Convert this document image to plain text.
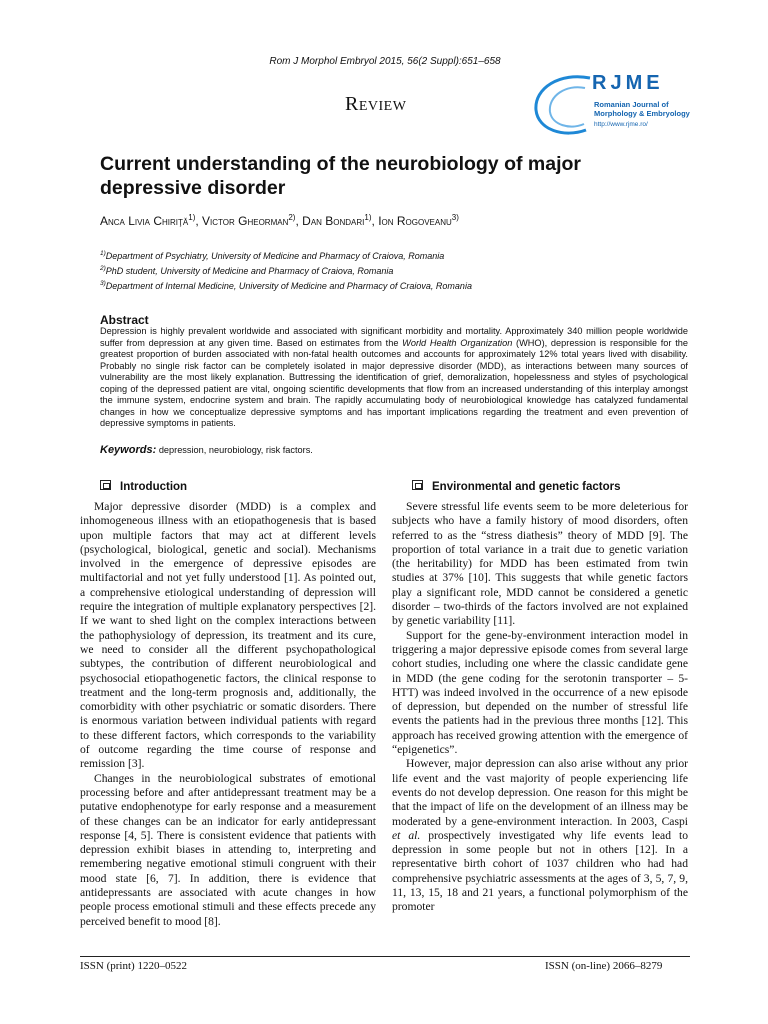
Rom J Morphol Embryol 2015, 56(2 Suppl):651–658
Review
RJME
Romanian Journal of
Morphology & Embryology
http://www.rjme.ro/
Current understanding of the neurobiology of major depressive disorder
Anca Livia Chiriţă$^{1)}$, Victor Gheorman$^{2)}$, Dan Bondari$^{1)}$, Ion Rogoveanu$^{3)}$
$^{1)}$Department of Psychiatry, University of Medicine and Pharmacy of Craiova, Romania
$^{2)}$PhD student, University of Medicine and Pharmacy of Craiova, Romania
$^{3)}$Department of Internal Medicine, University of Medicine and Pharmacy of Craiova, Romania
Abstract
Depression is highly prevalent worldwide and associated with significant morbidity and mortality. Approximately 340 million people worldwide suffer from depression at any given time. Based on estimates from the World Health Organization (WHO), depression is responsible for the greatest proportion of burden associated with non-fatal health outcomes and accounts for approximately 12% total years lived with disability. Probably no single risk factor can be completely isolated in major depressive disorder (MDD), as interactions between many sources of vulnerability are the most likely explanation. Buttressing the identification of grief, demoralization, hopelessness and styles of psychological coping of the depressed patient are vital, ongoing scientific developments that flow from an increased understanding of this interplay amongst the immune system, endocrine system and brain. The rapidly accumulating body of neurobiological knowledge has catalyzed fundamental changes in how we conceptualize depressive symptoms and has important implications regarding the treatment and even prevention of depressive symptoms in patients.
Keywords: depression, neurobiology, risk factors.
Introduction

Major depressive disorder (MDD) is a complex and inhomogeneous illness with an etiopathogenesis that is based upon multiple factors that may act at different levels (psychological, biological, genetic and social). Mechanisms involved in the emergence of depressive episodes are multifactorial and not yet fully understood [1]. As pointed out, a comprehensive etiological understanding of depression will require the integration of multiple explanatory perspectives [2]. If we want to shed light on the complex interactions between the pathophysiology of depression, its treatment and its cure, we need to consider all the different psychopathological subtypes, the contribution of different neurobiological and psychosocial etiopathogenetic factors, the clinical response to treatment and the long-term prognosis and, additionally, the comorbidity with other psychiatric or somatic disorders. There is enormous variation between individual patients with regard to these different factors, which corresponds to the variability of outcome regarding the time course of response and remission [3].

Changes in the neurobiological substrates of emotional processing before and after antidepressant treatment may be a putative endophenotype for early response and a measurement of these changes can be an indicator for early antidepressant response [4, 5]. There is consistent evidence that patients with depression exhibit biases in attending to, interpreting and remembering negative emotional stimuli congruent with their mood state [6, 7]. In addition, there is evidence that antidepressants are associated with acute changes in how people process emotional stimuli and these effects precede any perceived benefit to mood [8].

Environmental and genetic factors

Severe stressful life events seem to be more deleterious for subjects who have a family history of mood disorders, often referred to as the “stress diathesis” theory of MDD [9]. The proportion of total variance in a trait due to genetic variation (the heritability) for MDD has been estimated from twin studies at 37% [10]. This suggests that while genetic factors play a significant role, MDD cannot be considered a genetic disorder – two-thirds of the factors involved are not explained by genetic variability [11].

Support for the gene-by-environment interaction model in triggering a major depressive episode comes from several large cohort studies, including one where the classic candidate gene in MDD (the gene coding for the serotonin transporter – 5-HTT) was indeed involved in the occurrence of a new episode of depression, but depended on the number of stressful life events the patients had in the previous three months [12]. This approach has received growing attention with the emergence of “epigenetics”.

However, major depression can also arise without any prior life event and the vast majority of people experiencing life events do not develop depression. One reason for this might be that the impact of life on the development of an illness may be moderated by a gene-environment interaction. In 2003, Caspi et al. prospectively investigated why life events lead to depression in some people but not in others [12]. In a representative birth cohort of 1037 children who had had comprehensive psychiatric assessments at the ages of 3, 5, 7, 9, 11, 13, 15, 18 and 21 years, a functional polymorphism of the promoter

ISSN (print) 1220–0522	ISSN (on-line) 2066–8279
